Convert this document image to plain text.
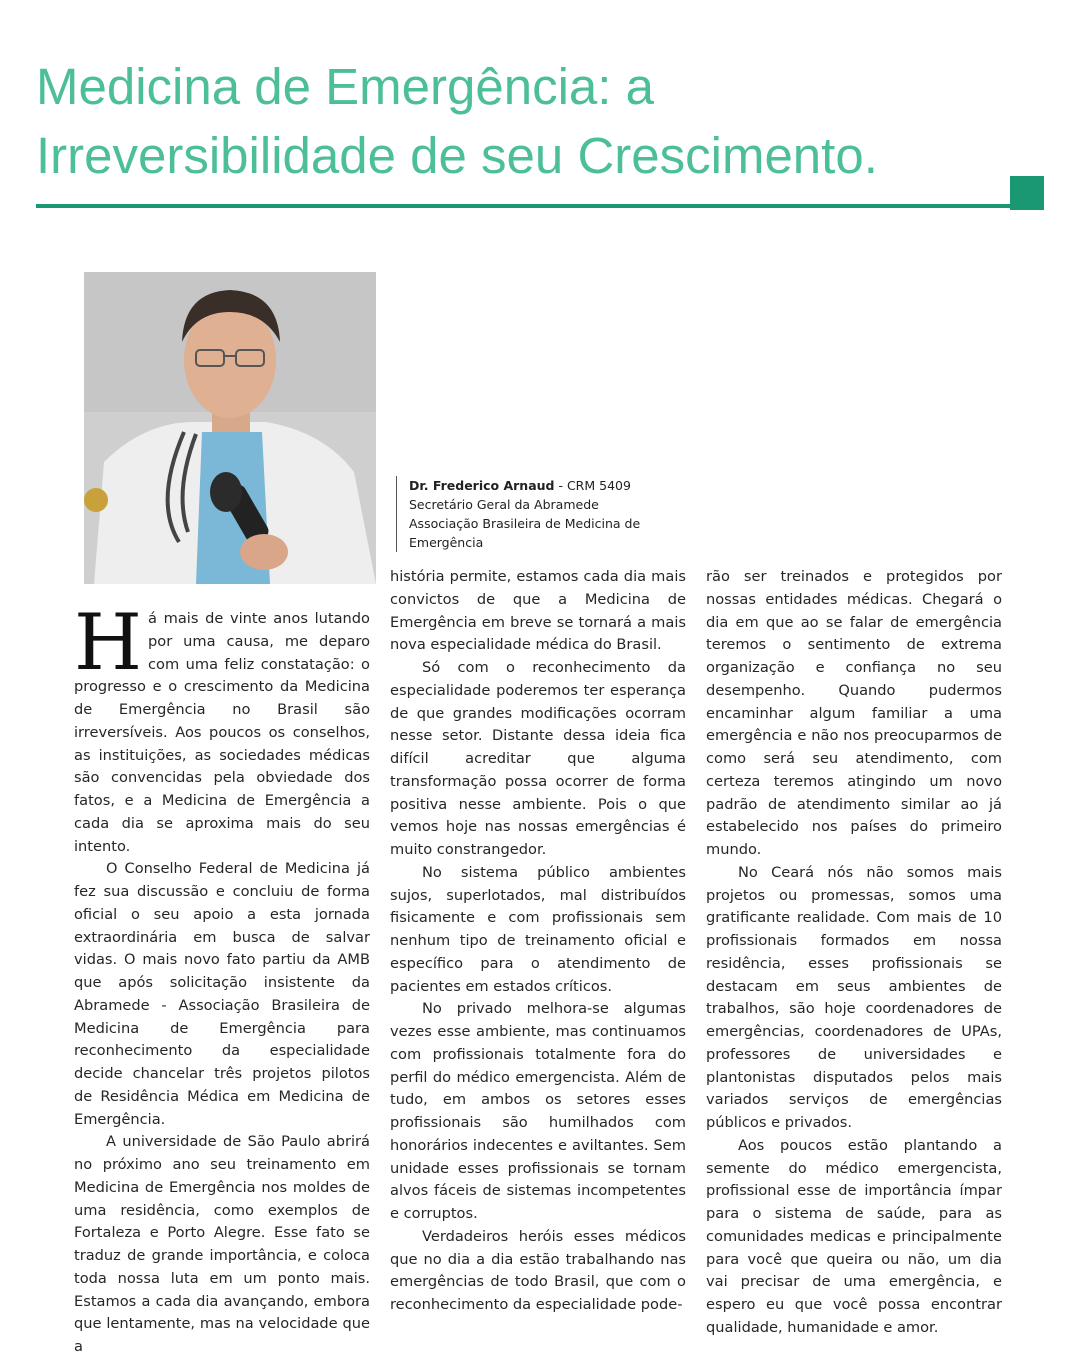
Medicina de Emergência: a
Irreversibilidade de seu Crescimento.
Dr. Frederico Arnaud - CRM 5409
Secretário Geral da Abramede
Associação Brasileira de Medicina de Emergência

Há mais de vinte anos lutando por uma causa, me deparo com uma feliz constatação: o progresso e o crescimento da Medicina de Emergência no Brasil são irreversíveis. Aos poucos os conselhos, as instituições, as sociedades médicas são convencidas pela obviedade dos fatos, e a Medicina de Emergência a cada dia se aproxima mais do seu intento.

O Conselho Federal de Medicina já fez sua discussão e concluiu de forma oficial o seu apoio a esta jornada extraordinária em busca de salvar vidas. O mais novo fato partiu da AMB que após solicitação insistente da Abramede - Associação Brasileira de Medicina de Emergência para reconhecimento da especialidade decide chancelar três projetos pilotos de Residência Médica em Medicina de Emergência.

A universidade de São Paulo abrirá no próximo ano seu treinamento em Medicina de Emergência nos moldes de uma residência, como exemplos de Fortaleza e Porto Alegre. Esse fato se traduz de grande importância, e coloca toda nossa luta em um ponto mais. Estamos a cada dia avançando, embora que lentamente, mas na velocidade que a

história permite, estamos cada dia mais convictos de que a Medicina de Emergência em breve se tornará a mais nova especialidade médica do Brasil.

Só com o reconhecimento da especialidade poderemos ter esperança de que grandes modificações ocorram nesse setor. Distante dessa ideia fica difícil acreditar que alguma transformação possa ocorrer de forma positiva nesse ambiente. Pois o que vemos hoje nas nossas emergências é muito constrangedor.

No sistema público ambientes sujos, superlotados, mal distribuídos fisicamente e com profissionais sem nenhum tipo de treinamento oficial e específico para o atendimento de pacientes em estados críticos.

No privado melhora-se algumas vezes esse ambiente, mas continuamos com profissionais totalmente fora do perfil do médico emergencista. Além de tudo, em ambos os setores esses profissionais são humilhados com honorários indecentes e aviltantes. Sem unidade esses profissionais se tornam alvos fáceis de sistemas incompetentes e corruptos.

Verdadeiros heróis esses médicos que no dia a dia estão trabalhando nas emergências de todo Brasil, que com o reconhecimento da especialidade pode-

rão ser treinados e protegidos por nossas entidades médicas. Chegará o dia em que ao se falar de emergência teremos o sentimento de extrema organização e confiança no seu desempenho. Quando pudermos encaminhar algum familiar a uma emergência e não nos preocuparmos de como será seu atendimento, com certeza teremos atingindo um novo padrão de atendimento similar ao já estabelecido nos países do primeiro mundo.

No Ceará nós não somos mais projetos ou promessas, somos uma gratificante realidade. Com mais de 10 profissionais formados em nossa residência, esses profissionais se destacam em seus ambientes de trabalhos, são hoje coordenadores de emergências, coordenadores de UPAs, professores de universidades e plantonistas disputados pelos mais variados serviços de emergências públicos e privados.

Aos poucos estão plantando a semente do médico emergencista, profissional esse de importância ímpar para o sistema de saúde, para as comunidades medicas e principalmente para você que queira ou não, um dia vai precisar de uma emergência, e espero eu que você possa encontrar qualidade, humanidade e amor.
